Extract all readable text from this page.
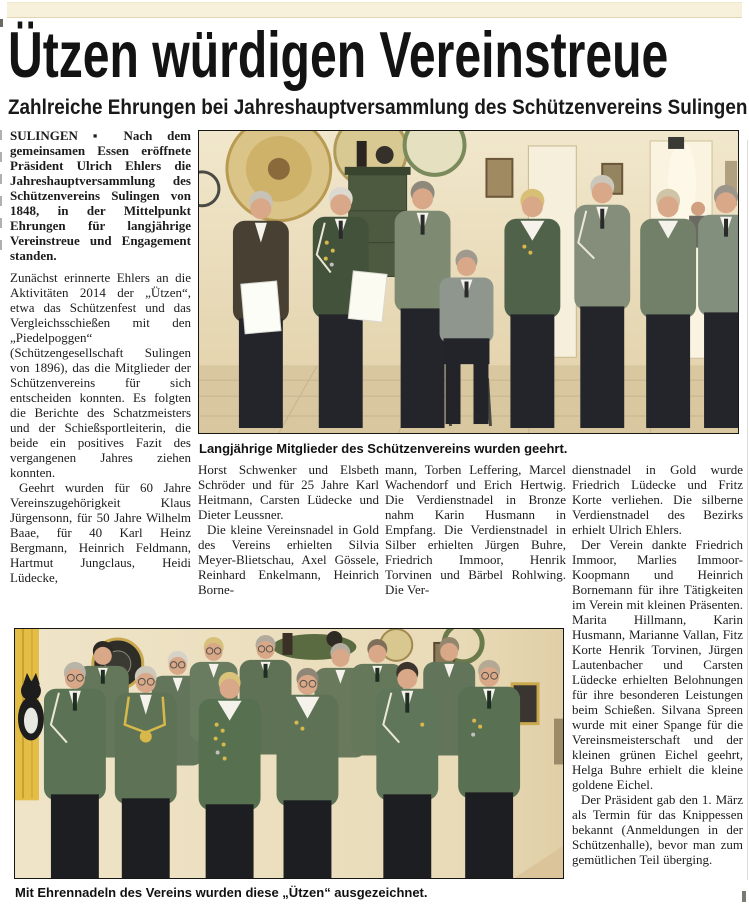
Ützen würdigen Vereinstreue
Zahlreiche Ehrungen bei Jahreshauptversammlung des Schützenvereins Sulingen

SULINGEN ▪ Nach dem gemeinsamen Essen eröffnete Präsident Ulrich Ehlers die Jahreshauptversammlung des Schützenvereins Sulingen von 1848, in der Mittelpunkt Ehrungen für langjährige Vereinstreue und Engagement standen.

Zunächst erinnerte Ehlers an die Aktivitäten 2014 der „Ützen“, etwa das Schützenfest und das Vergleichsschießen mit den „Piedelpoggen“ (Schützengesellschaft Sulingen von 1896), das die Mitglieder der Schützenvereins für sich entscheiden konnten. Es folgten die Berichte des Schatzmeisters und der Schießsportleiterin, die beide ein positives Fazit des vergangenen Jahres ziehen konnten.

Geehrt wurden für 60 Jahre Vereinszugehörigkeit Klaus Jürgensonn, für 50 Jahre Wilhelm Baae, für 40 Karl Heinz Bergmann, Heinrich Feldmann, Hartmut Jungclaus, Heidi Lüdecke,

Langjährige Mitglieder des Schützenvereins wurden geehrt.

Horst Schwenker und Elsbeth Schröder und für 25 Jahre Karl Heitmann, Carsten Lüdecke und Dieter Leussner.

Die kleine Vereinsnadel in Gold des Vereins erhielten Silvia Meyer-Blietschau, Axel Gössele, Reinhard Enkelmann, Heinrich Borne-

mann, Torben Leffering, Marcel Wachendorf und Erich Hertwig. Die Verdienstnadel in Bronze nahm Karin Husmann in Empfang. Die Verdienstnadel in Silber erhielten Jürgen Buhre, Friedrich Immoor, Henrik Torvinen und Bärbel Rohlwing. Die Ver-

dienstnadel in Gold wurde Friedrich Lüdecke und Fritz Korte verliehen. Die silberne Verdienstnadel des Bezirks erhielt Ulrich Ehlers.

Der Verein dankte Friedrich Immoor, Marlies Immoor-Koopmann und Heinrich Bornemann für ihre Tätigkeiten im Verein mit kleinen Präsenten. Marita Hillmann, Karin Husmann, Marianne Vallan, Fitz Korte Henrik Torvinen, Jürgen Lautenbacher und Carsten Lüdecke erhielten Belohnungen für ihre besonderen Leistungen beim Schießen. Silvana Spreen wurde mit einer Spange für die Vereinsmeisterschaft und der kleinen grünen Eichel geehrt, Helga Buhre erhielt die kleine goldene Eichel.

Der Präsident gab den 1. März als Termin für das Knippessen bekannt (Anmeldungen in der Schützenhalle), bevor man zum gemütlichen Teil überging.

Mit Ehrennadeln des Vereins wurden diese „Ützen“ ausgezeichnet.
